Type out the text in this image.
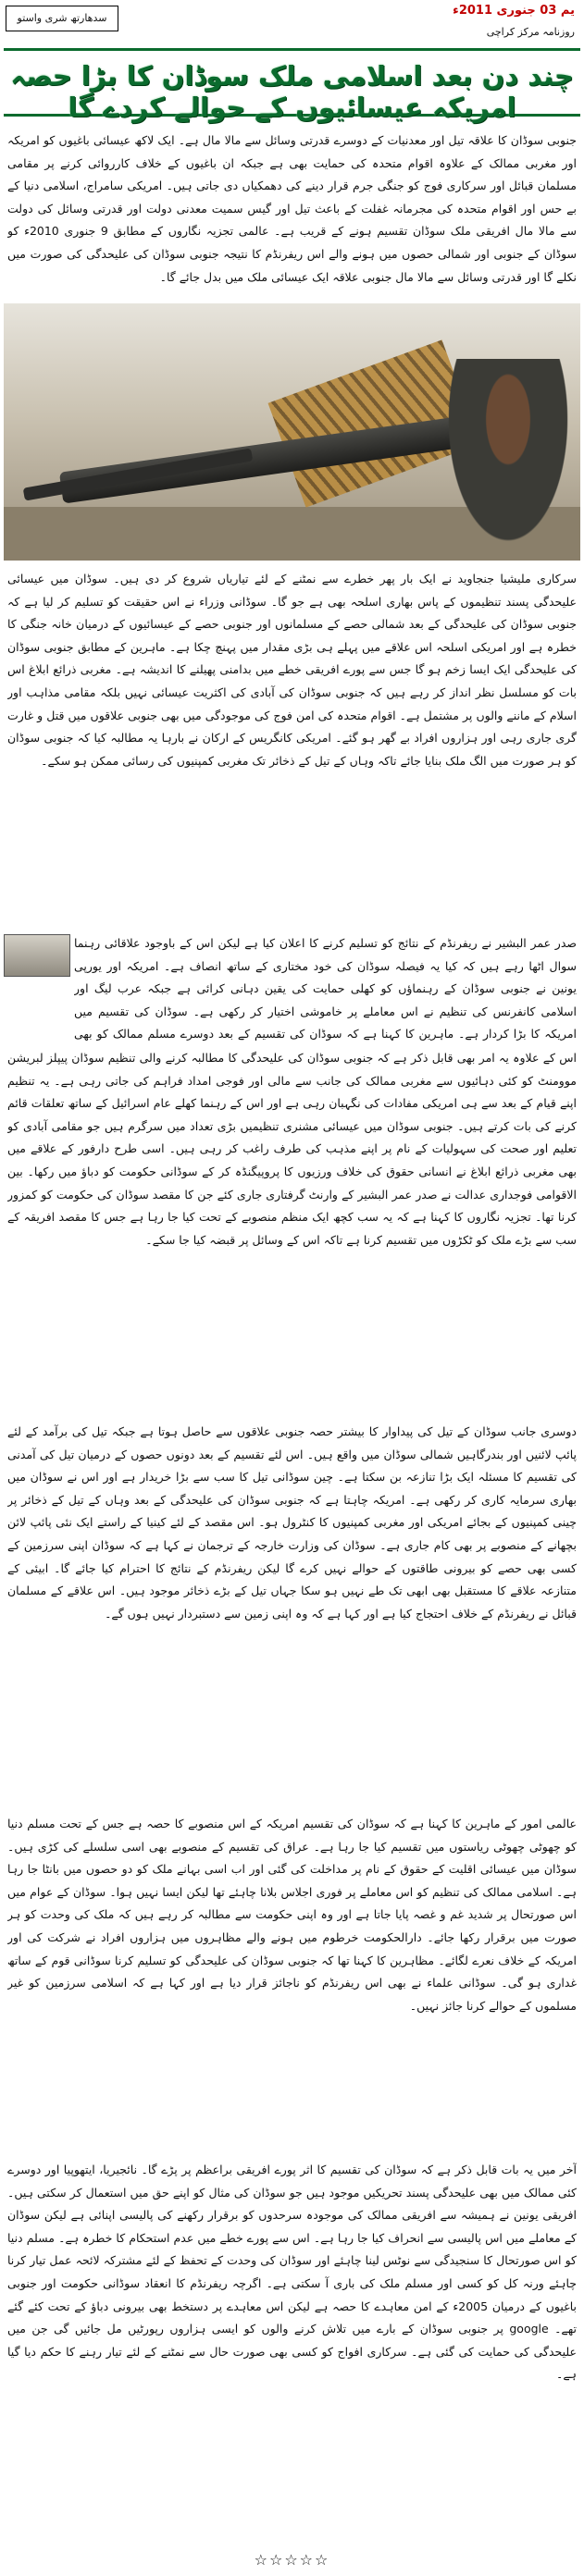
سدھارتھ شری واستو
یم 03 جنوری 2011ء
روزنامہ مرکز کراچی
چند دن بعد اسلامی ملک سوڈان کا بڑا حصہ امریکہ عیسائیوں کے حوالے کردے گا
جنوبی سوڈان کا علاقہ تیل اور معدنیات کے دوسرے قدرتی وسائل سے مالا مال ہے۔ ایک لاکھ عیسائی باغیوں کو امریکہ اور مغربی ممالک کے علاوہ اقوام متحدہ کی حمایت بھی ہے جبکہ ان باغیوں کے خلاف کارروائی کرنے پر مقامی مسلمان قبائل اور سرکاری فوج کو جنگی جرم قرار دینے کی دھمکیاں دی جاتی ہیں۔ امریکی سامراج، اسلامی دنیا کے بے حس اور اقوام متحدہ کی مجرمانہ غفلت کے باعث تیل اور گیس سمیت معدنی دولت اور قدرتی وسائل کی دولت سے مالا مال افریقی ملک سوڈان تقسیم ہونے کے قریب ہے۔ عالمی تجزیہ نگاروں کے مطابق 9 جنوری 2010ء کو سوڈان کے جنوبی اور شمالی حصوں میں ہونے والے اس ریفرنڈم کا نتیجہ جنوبی سوڈان کی علیحدگی کی صورت میں نکلے گا اور قدرتی وسائل سے مالا مال جنوبی علاقہ ایک عیسائی ملک میں بدل جائے گا۔
سرکاری ملیشیا جنجاوید نے ایک بار پھر خطرے سے نمٹنے کے لئے تیاریاں شروع کر دی ہیں۔ سوڈان میں عیسائی علیحدگی پسند تنظیموں کے پاس بھاری اسلحہ بھی ہے جو گا۔ سوڈانی وزراء نے اس حقیقت کو تسلیم کر لیا ہے کہ جنوبی سوڈان کی علیحدگی کے بعد شمالی حصے کے مسلمانوں اور جنوبی حصے کے عیسائیوں کے درمیان خانہ جنگی کا خطرہ ہے اور امریکی اسلحہ اس علاقے میں پہلے ہی بڑی مقدار میں پہنچ چکا ہے۔ ماہرین کے مطابق جنوبی سوڈان کی علیحدگی ایک ایسا زخم ہو گا جس سے پورے افریقی خطے میں بدامنی پھیلنے کا اندیشہ ہے۔ مغربی ذرائع ابلاغ اس بات کو مسلسل نظر انداز کر رہے ہیں کہ جنوبی سوڈان کی آبادی کی اکثریت عیسائی نہیں بلکہ مقامی مذاہب اور اسلام کے ماننے والوں پر مشتمل ہے۔ اقوام متحدہ کی امن فوج کی موجودگی میں بھی جنوبی علاقوں میں قتل و غارت گری جاری رہی اور ہزاروں افراد بے گھر ہو گئے۔ امریکی کانگریس کے ارکان نے بارہا یہ مطالبہ کیا کہ جنوبی سوڈان کو ہر صورت میں الگ ملک بنایا جائے تاکہ وہاں کے تیل کے ذخائر تک مغربی کمپنیوں کی رسائی ممکن ہو سکے۔
صدر عمر البشیر نے ریفرنڈم کے نتائج کو تسلیم کرنے کا اعلان کیا ہے لیکن اس کے باوجود علاقائی رہنما سوال اٹھا رہے ہیں کہ کیا یہ فیصلہ سوڈان کی خود مختاری کے ساتھ انصاف ہے۔ امریکہ اور یورپی یونین نے جنوبی سوڈان کے رہنماؤں کو کھلی حمایت کی یقین دہانی کرائی ہے جبکہ عرب لیگ اور اسلامی کانفرنس کی تنظیم نے اس معاملے پر خاموشی اختیار کر رکھی ہے۔ سوڈان کی تقسیم میں امریکہ کا بڑا کردار ہے۔ ماہرین کا کہنا ہے کہ سوڈان کی تقسیم کے بعد دوسرے مسلم ممالک کو بھی
اس کے علاوہ یہ امر بھی قابل ذکر ہے کہ جنوبی سوڈان کی علیحدگی کا مطالبہ کرنے والی تنظیم سوڈان پیپلز لبریشن موومنٹ کو کئی دہائیوں سے مغربی ممالک کی جانب سے مالی اور فوجی امداد فراہم کی جاتی رہی ہے۔ یہ تنظیم اپنے قیام کے بعد سے ہی امریکی مفادات کی نگہبان رہی ہے اور اس کے رہنما کھلے عام اسرائیل کے ساتھ تعلقات قائم کرنے کی بات کرتے ہیں۔ جنوبی سوڈان میں عیسائی مشنری تنظیمیں بڑی تعداد میں سرگرم ہیں جو مقامی آبادی کو تعلیم اور صحت کی سہولیات کے نام پر اپنے مذہب کی طرف راغب کر رہی ہیں۔ اسی طرح دارفور کے علاقے میں بھی مغربی ذرائع ابلاغ نے انسانی حقوق کی خلاف ورزیوں کا پروپیگنڈہ کر کے سوڈانی حکومت کو دباؤ میں رکھا۔ بین الاقوامی فوجداری عدالت نے صدر عمر البشیر کے وارنٹ گرفتاری جاری کئے جن کا مقصد سوڈان کی حکومت کو کمزور کرنا تھا۔ تجزیہ نگاروں کا کہنا ہے کہ یہ سب کچھ ایک منظم منصوبے کے تحت کیا جا رہا ہے جس کا مقصد افریقہ کے سب سے بڑے ملک کو ٹکڑوں میں تقسیم کرنا ہے تاکہ اس کے وسائل پر قبضہ کیا جا سکے۔
دوسری جانب سوڈان کے تیل کی پیداوار کا بیشتر حصہ جنوبی علاقوں سے حاصل ہوتا ہے جبکہ تیل کی برآمد کے لئے پائپ لائنیں اور بندرگاہیں شمالی سوڈان میں واقع ہیں۔ اس لئے تقسیم کے بعد دونوں حصوں کے درمیان تیل کی آمدنی کی تقسیم کا مسئلہ ایک بڑا تنازعہ بن سکتا ہے۔ چین سوڈانی تیل کا سب سے بڑا خریدار ہے اور اس نے سوڈان میں بھاری سرمایہ کاری کر رکھی ہے۔ امریکہ چاہتا ہے کہ جنوبی سوڈان کی علیحدگی کے بعد وہاں کے تیل کے ذخائر پر چینی کمپنیوں کے بجائے امریکی اور مغربی کمپنیوں کا کنٹرول ہو۔ اس مقصد کے لئے کینیا کے راستے ایک نئی پائپ لائن بچھانے کے منصوبے پر بھی کام جاری ہے۔ سوڈان کی وزارت خارجہ کے ترجمان نے کہا ہے کہ سوڈان اپنی سرزمین کے کسی بھی حصے کو بیرونی طاقتوں کے حوالے نہیں کرے گا لیکن ریفرنڈم کے نتائج کا احترام کیا جائے گا۔ ابیئی کے متنازعہ علاقے کا مستقبل بھی ابھی تک طے نہیں ہو سکا جہاں تیل کے بڑے ذخائر موجود ہیں۔ اس علاقے کے مسلمان قبائل نے ریفرنڈم کے خلاف احتجاج کیا ہے اور کہا ہے کہ وہ اپنی زمین سے دستبردار نہیں ہوں گے۔
عالمی امور کے ماہرین کا کہنا ہے کہ سوڈان کی تقسیم امریکہ کے اس منصوبے کا حصہ ہے جس کے تحت مسلم دنیا کو چھوٹی چھوٹی ریاستوں میں تقسیم کیا جا رہا ہے۔ عراق کی تقسیم کے منصوبے بھی اسی سلسلے کی کڑی ہیں۔ سوڈان میں عیسائی اقلیت کے حقوق کے نام پر مداخلت کی گئی اور اب اسی بہانے ملک کو دو حصوں میں بانٹا جا رہا ہے۔ اسلامی ممالک کی تنظیم کو اس معاملے پر فوری اجلاس بلانا چاہئے تھا لیکن ایسا نہیں ہوا۔ سوڈان کے عوام میں اس صورتحال پر شدید غم و غصہ پایا جاتا ہے اور وہ اپنی حکومت سے مطالبہ کر رہے ہیں کہ ملک کی وحدت کو ہر صورت میں برقرار رکھا جائے۔ دارالحکومت خرطوم میں ہونے والے مظاہروں میں ہزاروں افراد نے شرکت کی اور امریکہ کے خلاف نعرے لگائے۔ مظاہرین کا کہنا تھا کہ جنوبی سوڈان کی علیحدگی کو تسلیم کرنا سوڈانی قوم کے ساتھ غداری ہو گی۔ سوڈانی علماء نے بھی اس ریفرنڈم کو ناجائز قرار دیا ہے اور کہا ہے کہ اسلامی سرزمین کو غیر مسلموں کے حوالے کرنا جائز نہیں۔
آخر میں یہ بات قابل ذکر ہے کہ سوڈان کی تقسیم کا اثر پورے افریقی براعظم پر پڑے گا۔ نائجیریا، ایتھوپیا اور دوسرے کئی ممالک میں بھی علیحدگی پسند تحریکیں موجود ہیں جو سوڈان کی مثال کو اپنے حق میں استعمال کر سکتی ہیں۔ افریقی یونین نے ہمیشہ سے افریقی ممالک کی موجودہ سرحدوں کو برقرار رکھنے کی پالیسی اپنائی ہے لیکن سوڈان کے معاملے میں اس پالیسی سے انحراف کیا جا رہا ہے۔ اس سے پورے خطے میں عدم استحکام کا خطرہ ہے۔ مسلم دنیا کو اس صورتحال کا سنجیدگی سے نوٹس لینا چاہئے اور سوڈان کی وحدت کے تحفظ کے لئے مشترکہ لائحہ عمل تیار کرنا چاہئے ورنہ کل کو کسی اور مسلم ملک کی باری آ سکتی ہے۔ اگرچہ ریفرنڈم کا انعقاد سوڈانی حکومت اور جنوبی باغیوں کے درمیان 2005ء کے امن معاہدے کا حصہ ہے لیکن اس معاہدے پر دستخط بھی بیرونی دباؤ کے تحت کئے گئے تھے۔ google پر جنوبی سوڈان کے بارے میں تلاش کرنے والوں کو ایسی ہزاروں رپورٹیں مل جائیں گی جن میں علیحدگی کی حمایت کی گئی ہے۔ سرکاری افواج کو کسی بھی صورت حال سے نمٹنے کے لئے تیار رہنے کا حکم دیا گیا ہے۔
☆☆☆☆☆
